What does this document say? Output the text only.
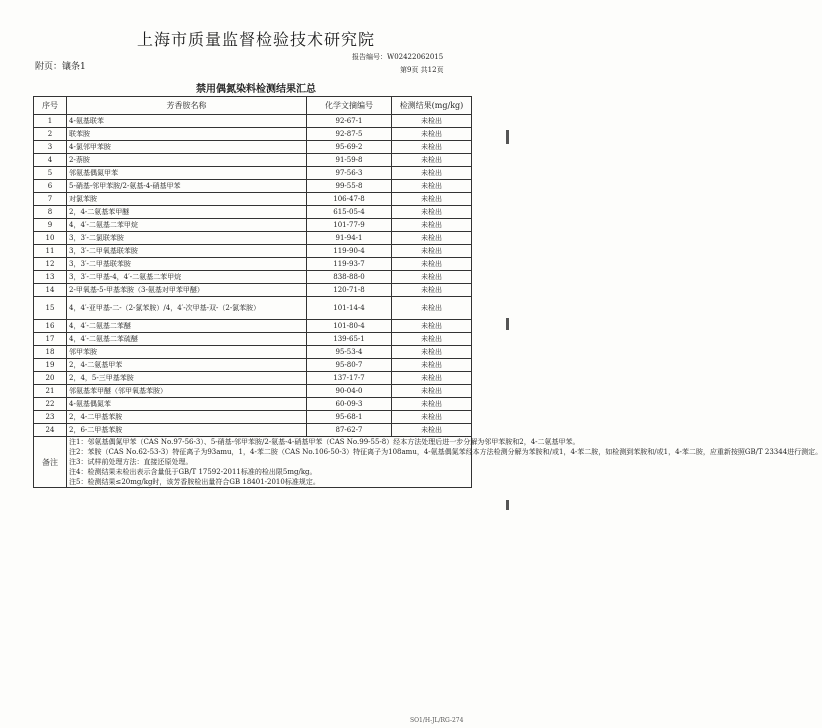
上海市质量监督检验技术研究院
报告编号：W02422062015
附页：镶条1	第9页 共12页
禁用偶氮染料检测结果汇总
序号	芳香胺名称	化学文摘编号	检测结果(mg/kg)
1	4-氨基联苯	92-67-1	未检出
2	联苯胺	92-87-5	未检出
3	4-氯邻甲苯胺	95-69-2	未检出
4	2-萘胺	91-59-8	未检出
5	邻氨基偶氮甲苯	97-56-3	未检出
6	5-硝基-邻甲苯胺/2-氨基-4-硝基甲苯	99-55-8	未检出
7	对氯苯胺	106-47-8	未检出
8	2，4-二氨基苯甲醚	615-05-4	未检出
9	4，4′-二氨基二苯甲烷	101-77-9	未检出
10	3，3′-二氯联苯胺	91-94-1	未检出
11	3，3′-二甲氧基联苯胺	119-90-4	未检出
12	3，3′-二甲基联苯胺	119-93-7	未检出
13	3，3′-二甲基-4，4′-二氨基二苯甲烷	838-88-0	未检出
14	2-甲氧基-5-甲基苯胺（3-氨基对甲苯甲醚）	120-71-8	未检出
15	4，4′-亚甲基-二-（2-氯苯胺）/4，4′-次甲基-双-（2-氯苯胺）	101-14-4	未检出
16	4，4′-二氨基二苯醚	101-80-4	未检出
17	4，4′-二氨基二苯硫醚	139-65-1	未检出
18	邻甲苯胺	95-53-4	未检出
19	2，4-二氨基甲苯	95-80-7	未检出
20	2，4，5-三甲基苯胺	137-17-7	未检出
21	邻氨基苯甲醚（邻甲氧基苯胺）	90-04-0	未检出
22	4-氨基偶氮苯	60-09-3	未检出
23	2，4-二甲基苯胺	95-68-1	未检出
24	2，6-二甲基苯胺	87-62-7	未检出
备注	注1：邻氨基偶氮甲苯（CAS No.97-56-3）、5-硝基-邻甲苯胺/2-氨基-4-硝基甲苯（CAS No.99-55-8）经本方法处理后进一步分解为邻甲苯胺和2，4-二氨基甲苯。

注2：苯胺（CAS No.62-53-3）特征离子为93amu，1，4-苯二胺（CAS No.106-50-3）特征离子为108amu，4-氨基偶氮苯经本方法检测分解为苯胺和/或1，4-苯二胺，如检测到苯胺和/或1，4-苯二胺，应重新按照GB/T 23344进行测定。

注3：试样前处理方法：直接还原处理。

注4：检测结果未检出表示含量低于GB/T 17592-2011标准的检出限5mg/kg。

注5：检测结果≤20mg/kg时，该芳香胺检出量符合GB 18401-2010标准规定。		

SO1/H-JL/RG-274
